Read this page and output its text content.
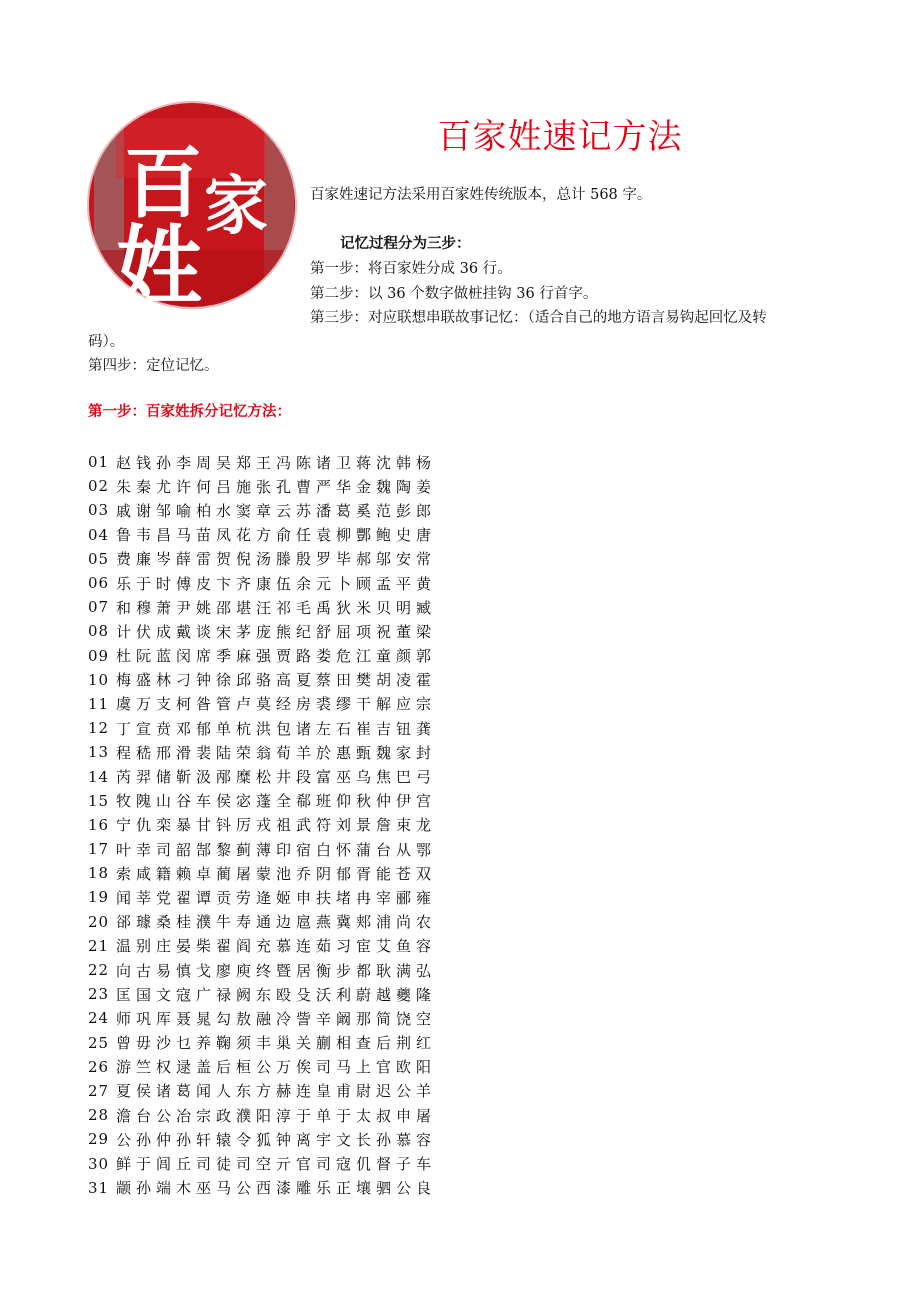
百 家
姓
百家姓速记方法
百家姓速记方法采用百家姓传统版本，总计 568 字。
记忆过程分为三步：
第一步：将百家姓分成 36 行。
第二步：以 36 个数字做桩挂钩 36 行首字。
第三步：对应联想串联故事记忆：（适合自己的地方语言易钩起回忆及转
码）。
第四步：定位记忆。
第一步：百家姓拆分记忆方法：
01 赵钱孙李周吴郑王冯陈诸卫蒋沈韩杨
02 朱秦尤许何吕施张孔曹严华金魏陶姜
03 戚谢邹喻柏水窦章云苏潘葛奚范彭郎
04 鲁韦昌马苗凤花方俞任袁柳酆鲍史唐
05 费廉岑薛雷贺倪汤滕殷罗毕郝邬安常
06 乐于时傅皮卞齐康伍余元卜顾孟平黄
07 和穆萧尹姚邵堪汪祁毛禹狄米贝明臧
08 计伏成戴谈宋茅庞熊纪舒屈项祝董梁
09 杜阮蓝闵席季麻强贾路娄危江童颜郭
10 梅盛林刁钟徐邱骆高夏蔡田樊胡凌霍
11 虞万支柯昝管卢莫经房裘缪干解应宗
12 丁宣贲邓郁单杭洪包诸左石崔吉钮龚
13 程嵇邢滑裴陆荣翁荀羊於惠甄魏家封
14 芮羿储靳汲邴糜松井段富巫乌焦巴弓
15 牧隗山谷车侯宓蓬全郗班仰秋仲伊宫
16 宁仇栾暴甘钭厉戎祖武符刘景詹束龙
17 叶幸司韶郜黎蓟薄印宿白怀蒲台从鄂
18 索咸籍赖卓蔺屠蒙池乔阴郁胥能苍双
19 闻莘党翟谭贡劳逄姬申扶堵冉宰郦雍
20 郤璩桑桂濮牛寿通边扈燕冀郏浦尚农
21 温别庄晏柴翟阎充慕连茹习宦艾鱼容
22 向古易慎戈廖庾终暨居衡步都耿满弘
23 匡国文寇广禄阙东殴殳沃利蔚越夔隆
24 师巩厍聂晁勾敖融冷訾辛阚那简饶空
25 曾毋沙乜养鞠须丰巢关蒯相查后荆红
26 游竺权逯盖后桓公万俟司马上官欧阳
27 夏侯诸葛闻人东方赫连皇甫尉迟公羊
28 澹台公冶宗政濮阳淳于单于太叔申屠
29 公孙仲孙轩辕令狐钟离宇文长孙慕容
30 鲜于闾丘司徒司空亓官司寇仉督子车
31 颛孙端木巫马公西漆雕乐正壤驷公良
